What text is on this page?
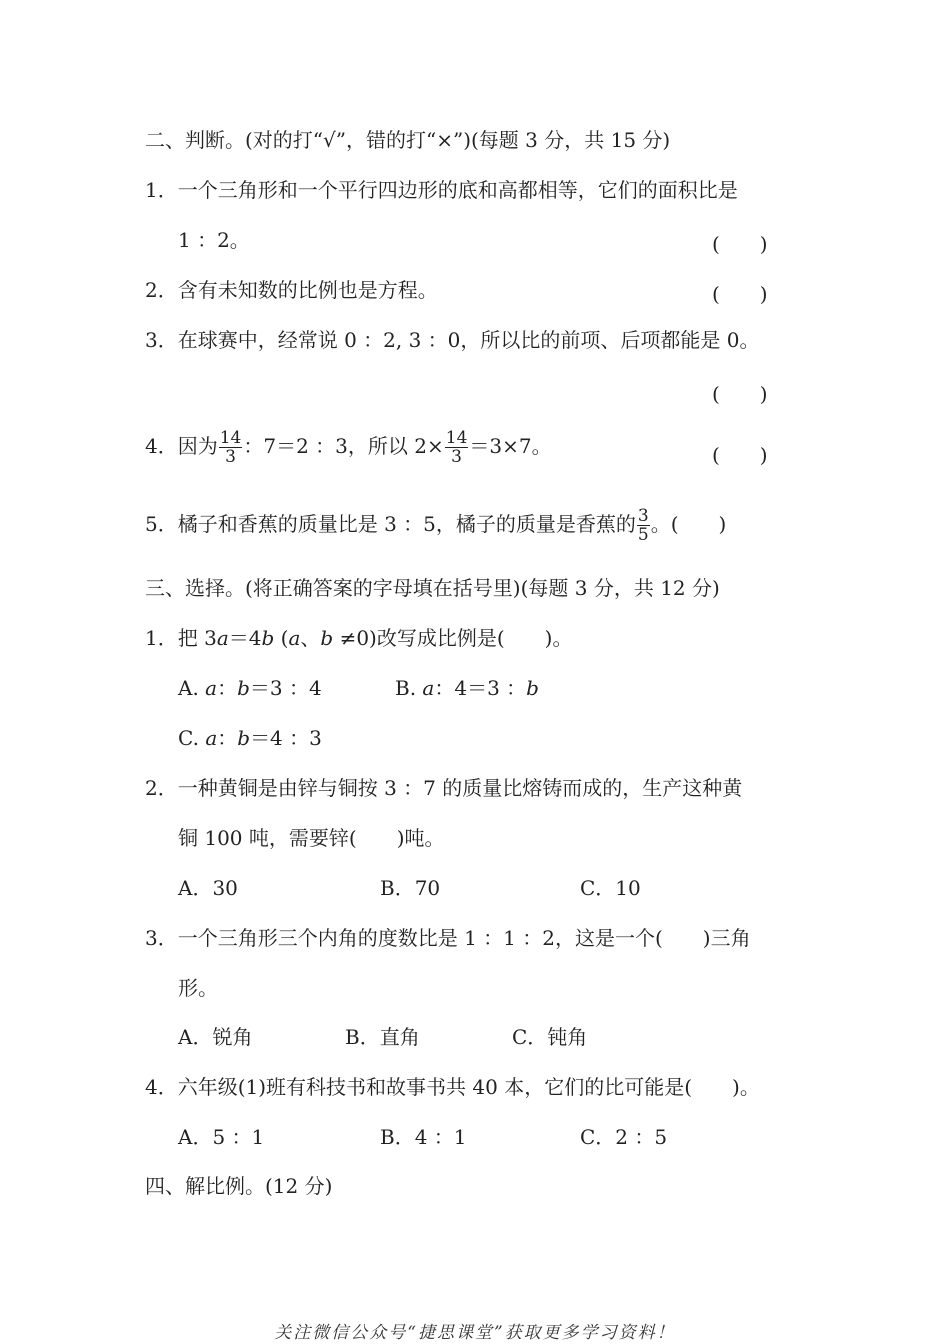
二、判断。(对的打“√”，错的打“×”)(每题 3 分，共 15 分)
1．一个三角形和一个平行四边形的底和高都相等，它们的面积比是
1 ：2。	(　　)
2．含有未知数的比例也是方程。	(　　)
3．在球赛中，经常说 0 ：2, 3 ：0，所以比的前项、后项都能是 0。
(　　)
4．因为 $\frac{14}{3}$ ：7＝2 ：3，所以 $2\times \frac{14}{3} =3\times 7$。	(　　)
5．橘子和香蕉的质量比是 3 ：5，橘子的质量是香蕉的 $\frac{3}{5}$ 。(　　)
三、选择。(将正确答案的字母填在括号里)(每题 3 分，共 12 分)
1．把 3a＝4b (a、b ≠0)改写成比例是(　　)。
A. a：b＝3 ：4	B. a：4＝3 ：b
C. a：b＝4 ：3
2．一种黄铜是由锌与铜按 3 ：7 的质量比熔铸而成的，生产这种黄
铜 100 吨，需要锌(　　)吨。
A．30	B．70	C．10
3．一个三角形三个内角的度数比是 1 ：1 ：2，这是一个(　　)三角
形。
A．锐角	B．直角	C．钝角
4．六年级(1)班有科技书和故事书共 40 本，它们的比可能是(　　)。
A．5 ：1	B．4 ：1	C．2 ：5
四、解比例。(12 分)
关注微信公众号“捷思课堂”获取更多学习资料！
